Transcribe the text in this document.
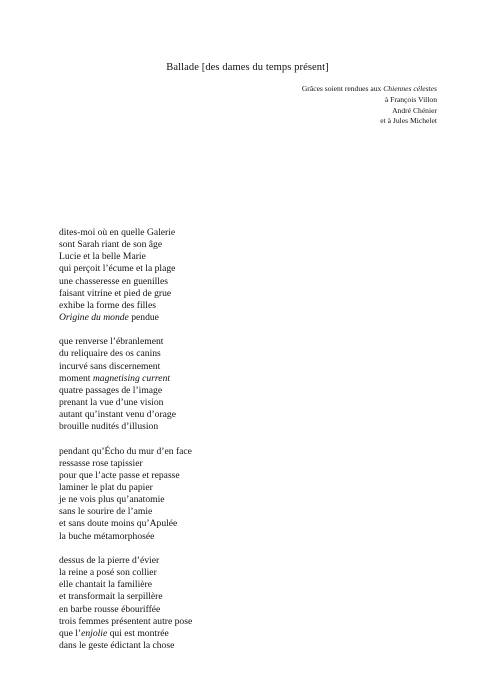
Ballade [des dames du temps présent]
Grâces soient rendues aux Chiennes célestes
à François Villon
André Chénier
et à Jules Michelet
dites-moi où en quelle Galerie
sont Sarah riant de son âge
Lucie et la belle Marie
qui perçoit l’écume et la plage
une chasseresse en guenilles
faisant vitrine et pied de grue
exhibe la forme des filles
Origine du monde pendue
que renverse l’ébranlement
du reliquaire des os canins
incurvé sans discernement
moment magnetising current
quatre passages de l’image
prenant la vue d’une vision
autant qu’instant venu d’orage
brouille nudités d’illusion
pendant qu’Écho du mur d’en face
ressasse rose tapissier
pour que l’acte passe et repasse
laminer le plat du papier
je ne vois plus qu’anatomie
sans le sourire de l’amie
et sans doute moins qu’Apulée
la buche métamorphosée
dessus de la pierre d’évier
la reine a posé son collier
elle chantait la familière
et transformait la serpillère
en barbe rousse ébouriffée
trois femmes présentent autre pose
que l’enjolie qui est montrée
dans le geste édictant la chose
